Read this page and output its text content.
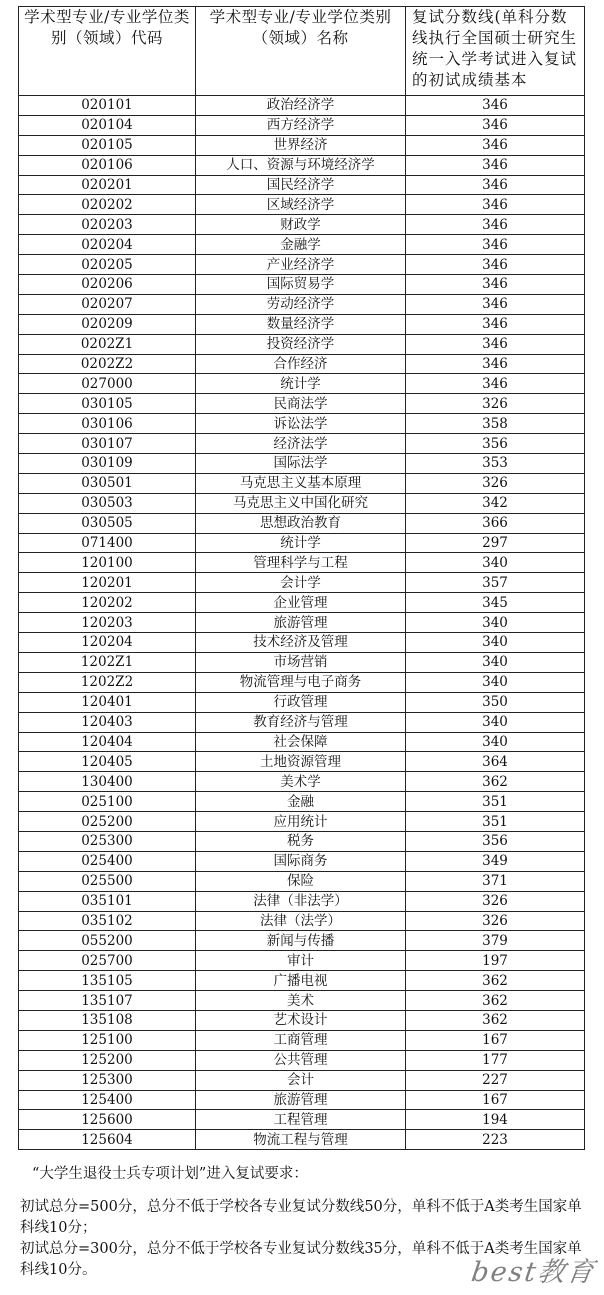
学术型专业/专业学位类 别（领域）代码	学术型专业/专业学位类别（领域）名称	复试分数线(单科分数线执行全国硕士研究生统一入学考试进入复试的初试成绩基本
020101	政治经济学	346
020104	西方经济学	346
020105	世界经济	346
020106	人口、资源与环境经济学	346
020201	国民经济学	346
020202	区域经济学	346
020203	财政学	346
020204	金融学	346
020205	产业经济学	346
020206	国际贸易学	346
020207	劳动经济学	346
020209	数量经济学	346
0202Z1	投资经济学	346
0202Z2	合作经济	346
027000	统计学	346
030105	民商法学	326
030106	诉讼法学	358
030107	经济法学	356
030109	国际法学	353
030501	马克思主义基本原理	326
030503	马克思主义中国化研究	342
030505	思想政治教育	366
071400	统计学	297
120100	管理科学与工程	340
120201	会计学	357
120202	企业管理	345
120203	旅游管理	340
120204	技术经济及管理	340
1202Z1	市场营销	340
1202Z2	物流管理与电子商务	340
120401	行政管理	350
120403	教育经济与管理	340
120404	社会保障	340
120405	土地资源管理	364
130400	美术学	362
025100	金融	351
025200	应用统计	351
025300	税务	356
025400	国际商务	349
025500	保险	371
035101	法律（非法学）	326
035102	法律（法学）	326
055200	新闻与传播	379
025700	审计	197
135105	广播电视	362
135107	美术	362
135108	艺术设计	362
125100	工商管理	167
125200	公共管理	177
125300	会计	227
125400	旅游管理	167
125600	工程管理	194
125604	物流工程与管理	223
“大学生退役士兵专项计划”进入复试要求：

初试总分=500分，总分不低于学校各专业复试分数线50分，单科不低于A类考生国家单科线10分；

初试总分=300分，总分不低于学校各专业复试分数线35分，单科不低于A类考生国家单科线10分。	best教育
